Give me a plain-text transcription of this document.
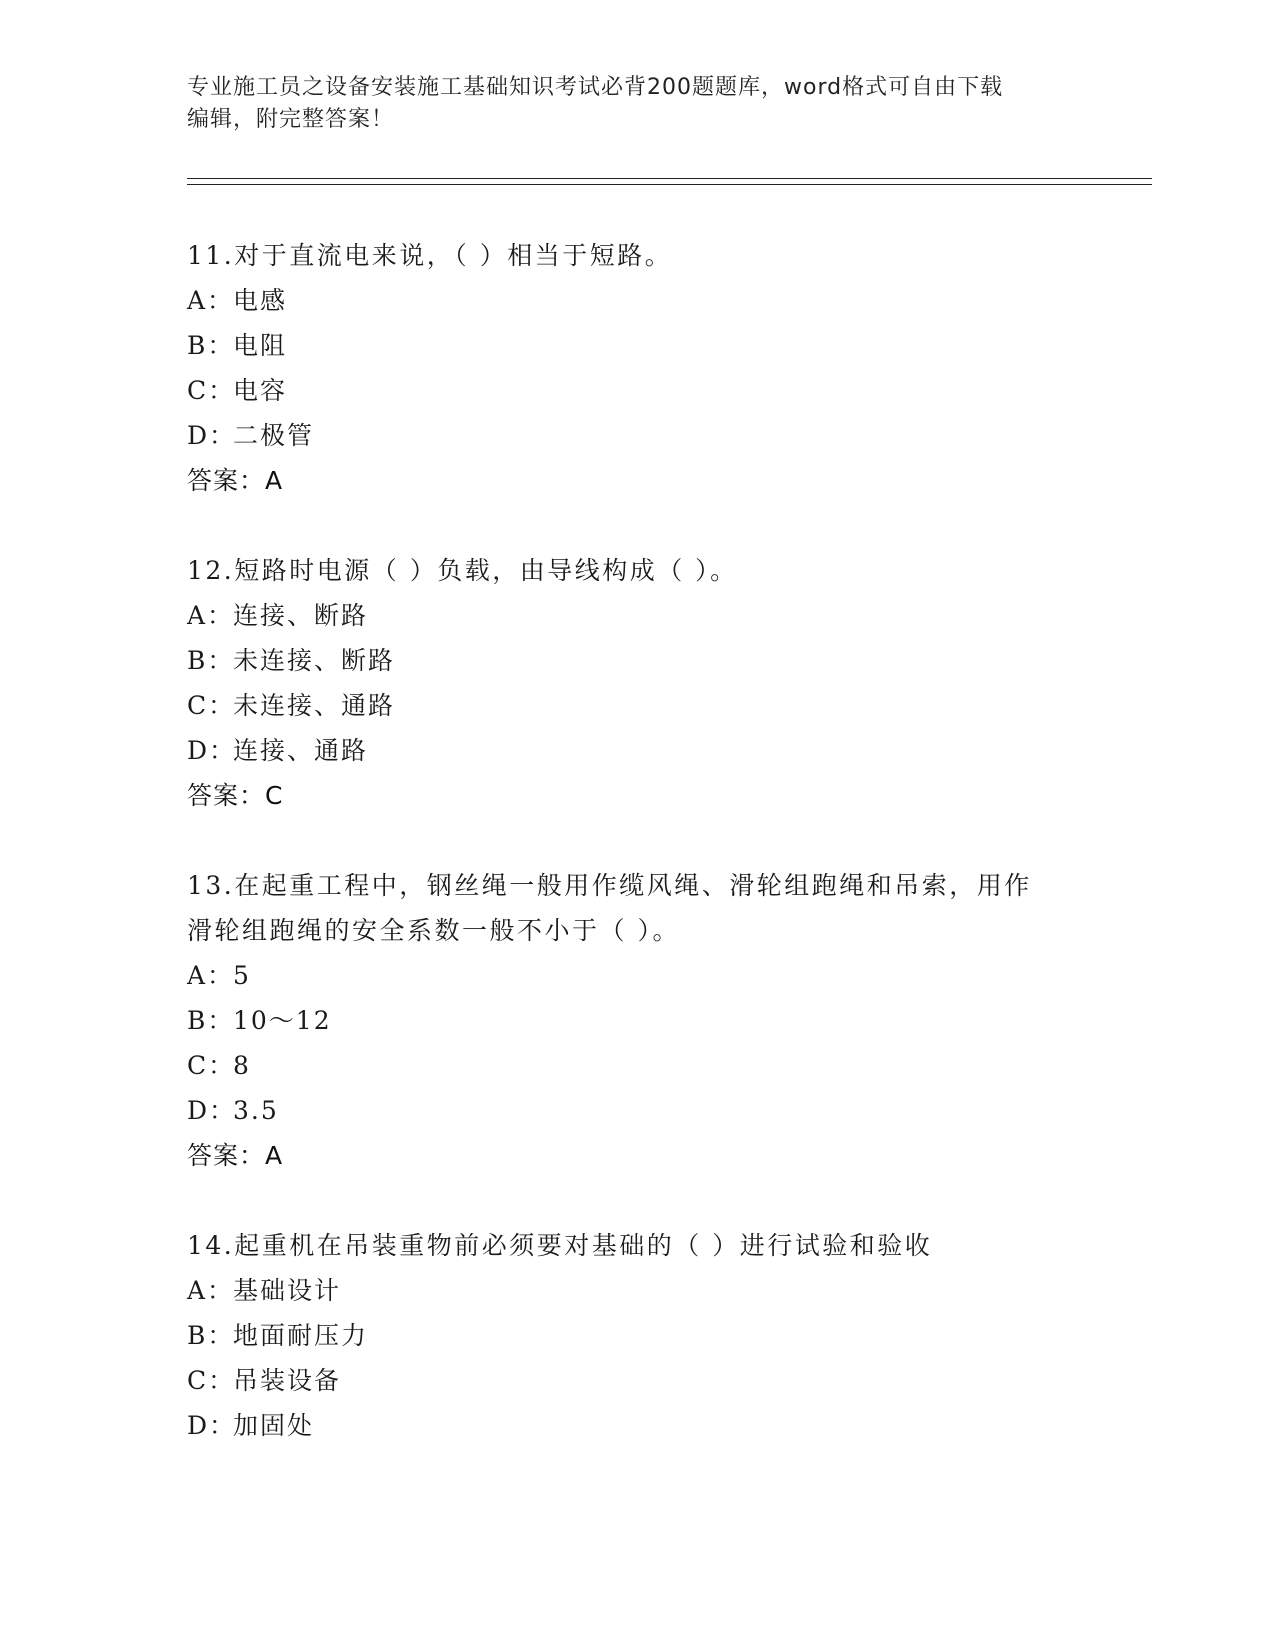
专业施工员之设备安装施工基础知识考试必背200题题库，word格式可自由下载
编辑，附完整答案！

11.对于直流电来说，（ ）相当于短路。

A：电感

B：电阻

C：电容

D：二极管

答案：A

12.短路时电源（ ）负载，由导线构成（ ）。

A：连接、断路

B：未连接、断路

C：未连接、通路

D：连接、通路

答案：C

13.在起重工程中，钢丝绳一般用作缆风绳、滑轮组跑绳和吊索，用作

滑轮组跑绳的安全系数一般不小于（ ）。

A：5

B：10～12

C：8

D：3.5

答案：A

14.起重机在吊装重物前必须要对基础的（ ）进行试验和验收

A：基础设计

B：地面耐压力

C：吊装设备

D：加固处
